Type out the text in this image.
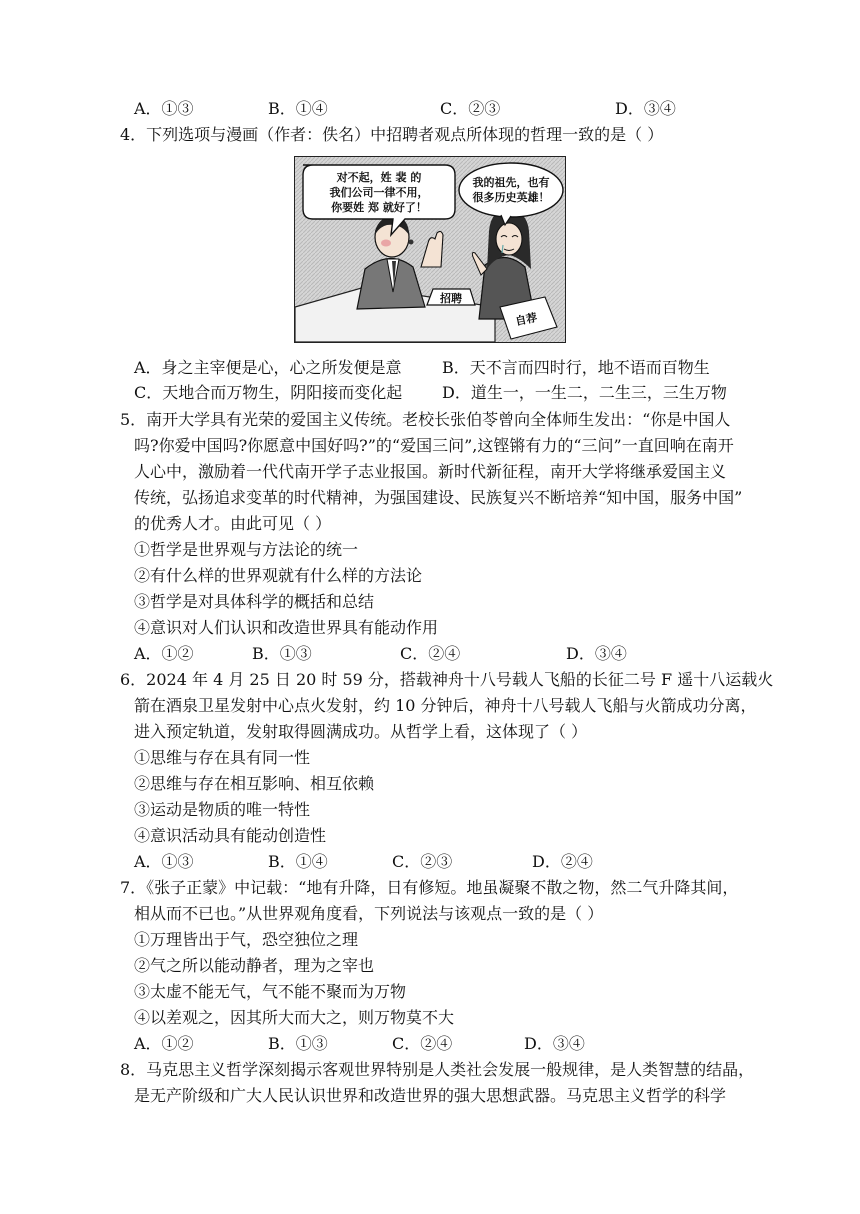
A．①③	B．①④	C．②③	D．③④
4．下列选项与漫画（作者：佚名）中招聘者观点所体现的哲理一致的是（ ）
招聘
自荐
对不起，姓 裴 的
我们公司一律不用，
你要姓 郑 就好了！
我的祖先，也有
很多历史英雄！
A．身之主宰便是心，心之所发便是意	B．天不言而四时行，地不语而百物生
C．天地合而万物生，阴阳接而变化起 D．道生一，一生二，二生三，三生万物
5．南开大学具有光荣的爱国主义传统。老校长张伯苓曾向全体师生发出：“你是中国人
吗?你爱中国吗?你愿意中国好吗?”的“爱国三问”,这铿锵有力的“三问”一直回响在南开
人心中，激励着一代代南开学子志业报国。新时代新征程，南开大学将继承爱国主义
传统，弘扬追求变革的时代精神，为强国建设、民族复兴不断培养“知中国，服务中国”
的优秀人才。由此可见（ ）
①哲学是世界观与方法论的统一
②有什么样的世界观就有什么样的方法论
③哲学是对具体科学的概括和总结
④意识对人们认识和改造世界具有能动作用
A．①②	B．①③	C．②④	D．③④
6．2024 年 4 月 25 日 20 时 59 分，搭载神舟十八号载人飞船的长征二号 F 遥十八运载火
箭在酒泉卫星发射中心点火发射，约 10 分钟后，神舟十八号载人飞船与火箭成功分离，
进入预定轨道，发射取得圆满成功。从哲学上看，这体现了（ ）
①思维与存在具有同一性
②思维与存在相互影响、相互依赖
③运动是物质的唯一特性
④意识活动具有能动创造性
A．①③	B．①④	C．②③	D．②④
7．《张子正蒙》中记载：“地有升降，日有修短。地虽凝聚不散之物，然二气升降其间，
相从而不已也。”从世界观角度看，下列说法与该观点一致的是（ ）
①万理皆出于气，恐空独位之理
②气之所以能动静者，理为之宰也
③太虚不能无气，气不能不聚而为万物
④以差观之，因其所大而大之，则万物莫不大
A．①②	B．①③	C．②④	D．③④
8．马克思主义哲学深刻揭示客观世界特别是人类社会发展一般规律，是人类智慧的结晶，
是无产阶级和广大人民认识世界和改造世界的强大思想武器。马克思主义哲学的科学
